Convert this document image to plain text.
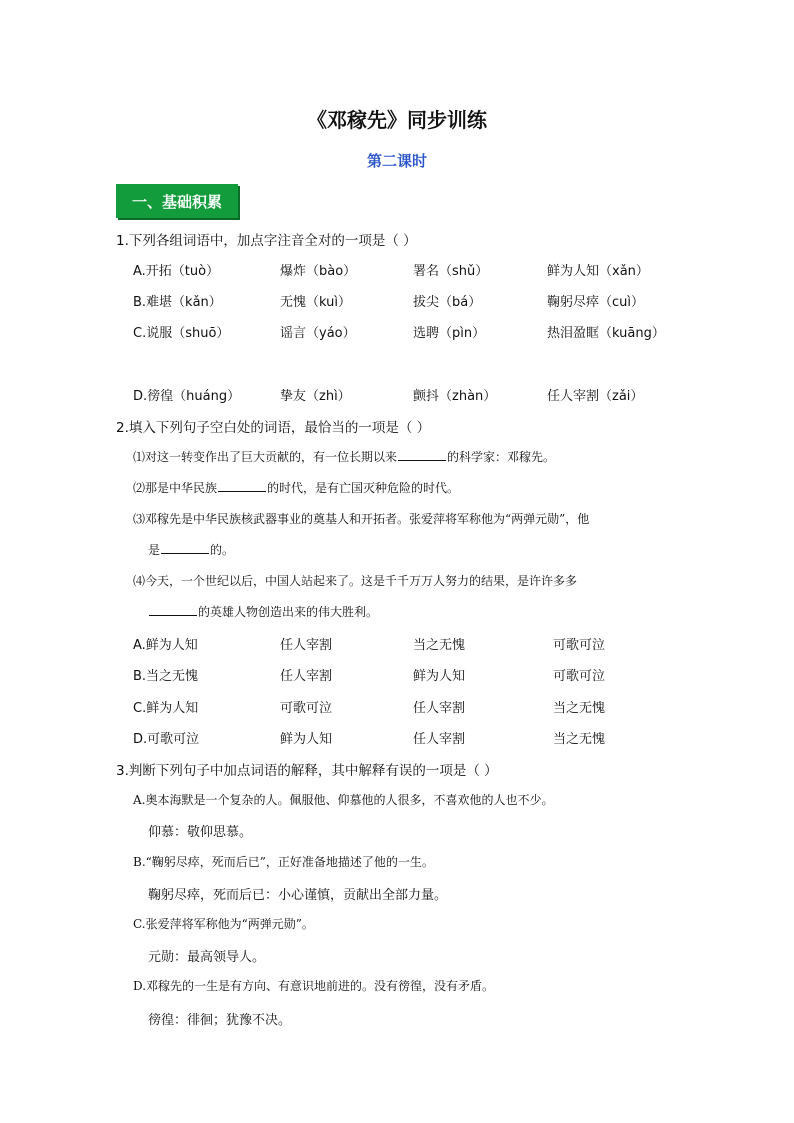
《邓稼先》同步训练
第二课时
一、基础积累
1.下列各组词语中，加点字注音全对的一项是（ ）
A.开拓（tuò）	爆炸（bào）	署名（shǔ）	鲜为人知（xǎn）
B.难堪（kǎn）	无愧（kuì）	拔尖（bá）	鞠躬尽瘁（cuì）
C.说服（shuō）	谣言（yáo）	选聘（pìn）	热泪盈眶（kuāng）
D.徬徨（huáng）	挚友（zhì）	颤抖（zhàn）	任人宰割（zǎi）
2.填入下列句子空白处的词语，最恰当的一项是（ ）
⑴对这一转变作出了巨大贡献的，有一位长期以来	的科学家：邓稼先。
⑵那是中华民族	的时代，是有亡国灭种危险的时代。
⑶邓稼先是中华民族核武器事业的奠基人和开拓者。张爱萍将军称他为“两弹元勋”，他
是	的。
⑷今天，一个世纪以后，中国人站起来了。这是千千万万人努力的结果，是许许多多
的英雄人物创造出来的伟大胜利。
A.鲜为人知	任人宰割	当之无愧	可歌可泣
B.当之无愧	任人宰割	鲜为人知	可歌可泣
C.鲜为人知	可歌可泣	任人宰割	当之无愧
D.可歌可泣	鲜为人知	任人宰割	当之无愧
3.判断下列句子中加点词语的解释，其中解释有误的一项是（ ）
A.奥本海默是一个复杂的人。佩服他、仰慕他的人很多，不喜欢他的人也不少。
仰慕：敬仰思慕。
B.“鞠躬尽瘁，死而后已”，正好准备地描述了他的一生。
鞠躬尽瘁，死而后已：小心谨慎，贡献出全部力量。
C.张爱萍将军称他为“两弹元勋”。
元勋：最高领导人。
D.邓稼先的一生是有方向、有意识地前进的。没有徬徨，没有矛盾。
徬徨：徘徊；犹豫不决。
